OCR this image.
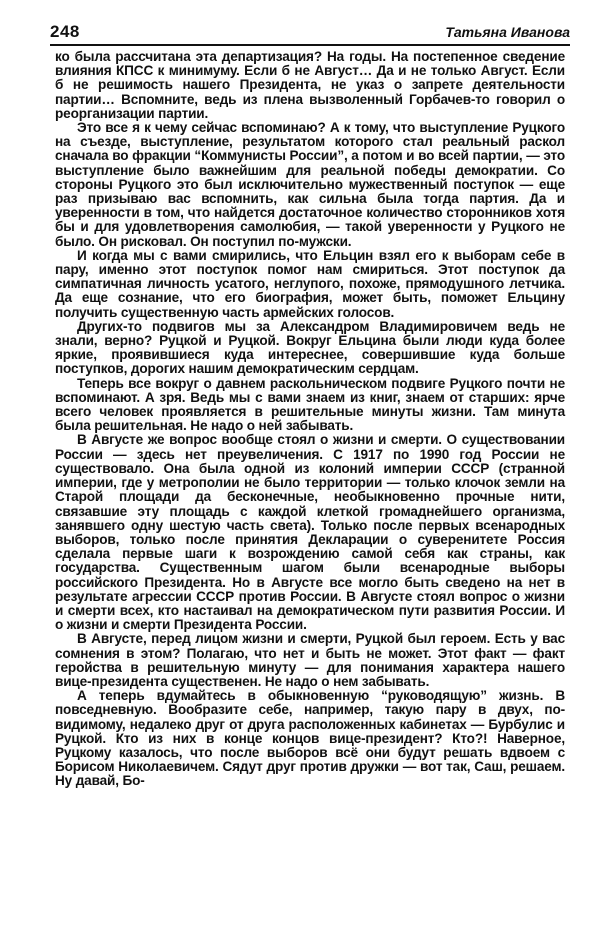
248	Татьяна Иванова

ко была рассчитана эта департизация? На годы. На постепенное сведение влияния КПСС к минимуму. Если б не Август… Да и не только Август. Если б не решимость нашего Президента, не указ о запрете деятельности партии… Вспомните, ведь из плена вызволенный Горбачев-то говорил о реорганизации партии.

Это все я к чему сейчас вспоминаю? А к тому, что выступление Руцкого на съезде, выступление, результатом которого стал реальный раскол сначала во фракции “Коммунисты России”, а потом и во всей партии, — это выступление было важнейшим для реальной победы демократии. Со стороны Руцкого это был исключительно мужественный поступок — еще раз призываю вас вспомнить, как сильна была тогда партия. Да и уверенности в том, что найдется достаточное количество сторонников хотя бы и для удовлетворения самолюбия, — такой уверенности у Руцкого не было. Он рисковал. Он поступил по-мужски.

И когда мы с вами смирились, что Ельцин взял его к выборам себе в пару, именно этот поступок помог нам смириться. Этот поступок да симпатичная личность усатого, неглупого, похоже, прямодушного летчика. Да еще сознание, что его биография, может быть, поможет Ельцину получить существенную часть армейских голосов.

Других-то подвигов мы за Александром Владимировичем ведь не знали, верно? Руцкой и Руцкой. Вокруг Ельцина были люди куда более яркие, проявившиеся куда интереснее, совершившие куда больше поступков, дорогих нашим демократическим сердцам.

Теперь все вокруг о давнем раскольническом подвиге Руцкого почти не вспоминают. А зря. Ведь мы с вами знаем из книг, знаем от старших: ярче всего человек проявляется в решительные минуты жизни. Там минута была решительная. Не надо о ней забывать.

В Августе же вопрос вообще стоял о жизни и смерти. О существовании России — здесь нет преувеличения. С 1917 по 1990 год России не существовало. Она была одной из колоний империи СССР (странной империи, где у метрополии не было территории — только клочок земли на Старой площади да бесконечные, необыкновенно прочные нити, связавшие эту площадь с каждой клеткой громаднейшего организма, занявшего одну шестую часть света). Только после первых всенародных выборов, только после принятия Декларации о суверенитете Россия сделала первые шаги к возрождению самой себя как страны, как государства. Существенным шагом были всенародные выборы российского Президента. Но в Августе все могло быть сведено на нет в результате агрессии СССР против России. В Августе стоял вопрос о жизни и смерти всех, кто настаивал на демократическом пути развития России. И о жизни и смерти Президента России.

В Августе, перед лицом жизни и смерти, Руцкой был героем. Есть у вас сомнения в этом? Полагаю, что нет и быть не может. Этот факт — факт геройства в решительную минуту — для понимания характера нашего вице-президента существенен. Не надо о нем забывать.

А теперь вдумайтесь в обыкновенную “руководящую” жизнь. В повседневную. Вообразите себе, например, такую пару в двух, по-видимому, недалеко друг от друга расположенных кабинетах — Бурбулис и Руцкой. Кто из них в конце концов вице-президент? Кто?! Наверное, Руцкому казалось, что после выборов всё они будут решать вдвоем с Борисом Николаевичем. Сядут друг против дружки — вот так, Саш, решаем. Ну давай, Бо-
